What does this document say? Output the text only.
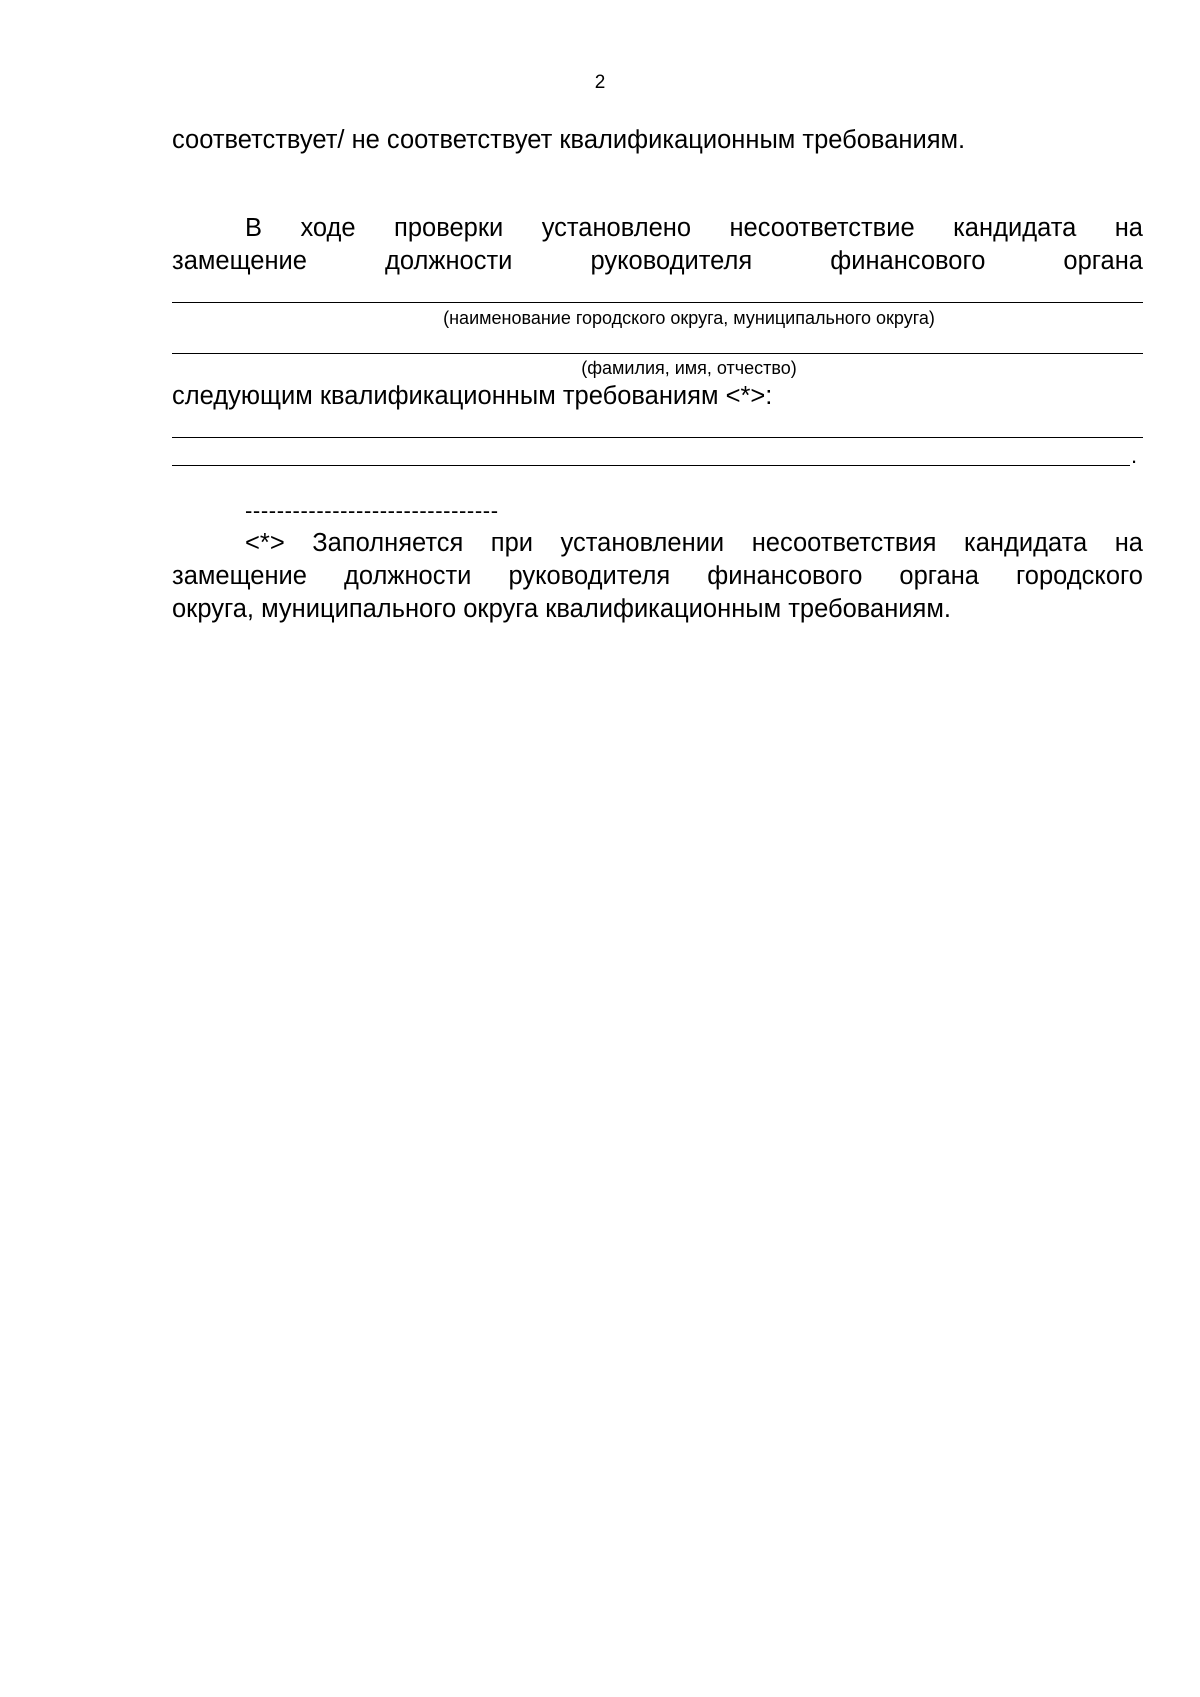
2
соответствует/ не соответствует квалификационным требованиям.
В ходе проверки установлено несоответствие кандидата на
замещение	должности	руководителя	финансового	органа
(наименование городского округа, муниципального округа)
(фамилия, имя, отчество)
следующим квалификационным требованиям <*>:
.
--------------------------------
<*> Заполняется при установлении несоответствия кандидата на
замещение должности руководителя финансового органа городского
округа, муниципального округа квалификационным требованиям.
